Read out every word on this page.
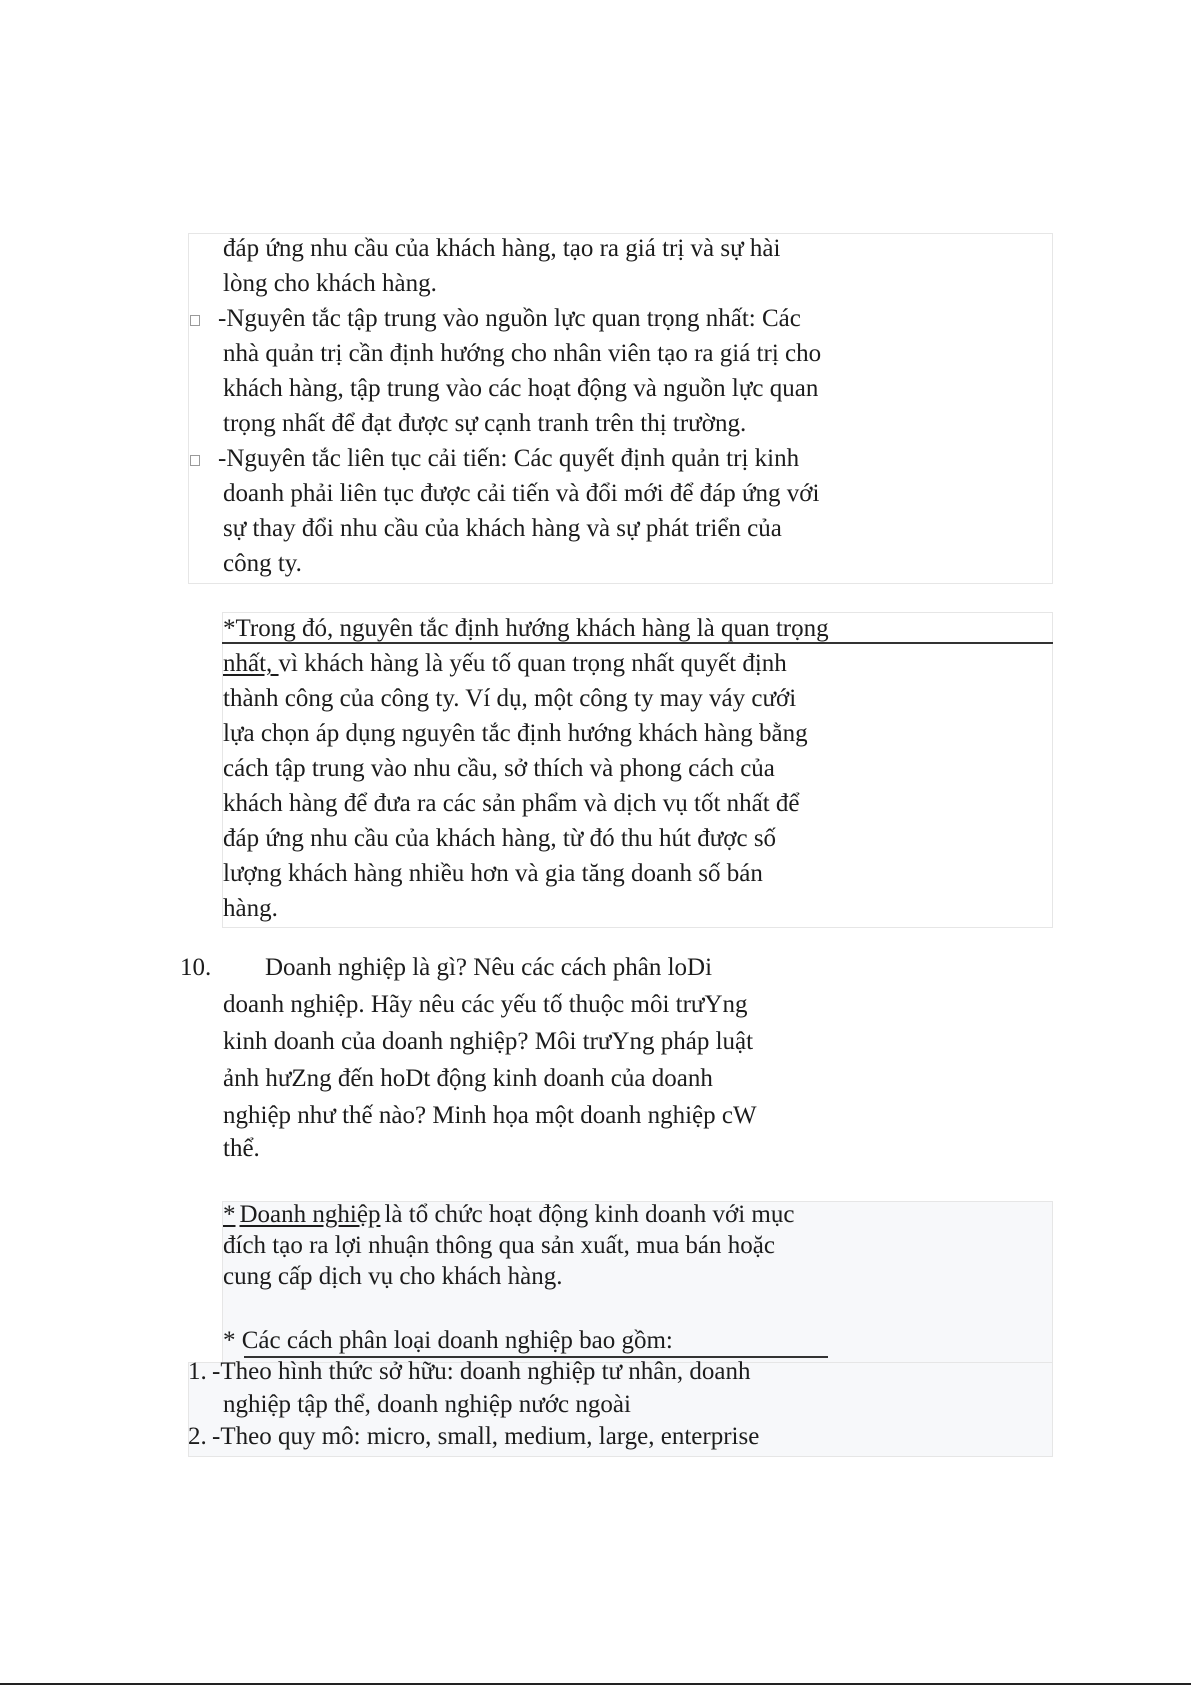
đáp ứng nhu cầu của khách hàng, tạo ra giá trị và sự hài
lòng cho khách hàng.
-Nguyên tắc tập trung vào nguồn lực quan trọng nhất: Các
nhà quản trị cần định hướng cho nhân viên tạo ra giá trị cho
khách hàng, tập trung vào các hoạt động và nguồn lực quan
trọng nhất để đạt được sự cạnh tranh trên thị trường.
-Nguyên tắc liên tục cải tiến: Các quyết định quản trị kinh
doanh phải liên tục được cải tiến và đổi mới để đáp ứng với
sự thay đổi nhu cầu của khách hàng và sự phát triển của
công ty.
*Trong đó, nguyên tắc định hướng khách hàng là quan trọng
nhất, vì khách hàng là yếu tố quan trọng nhất quyết định
thành công của công ty. Ví dụ, một công ty may váy cưới
lựa chọn áp dụng nguyên tắc định hướng khách hàng bằng
cách tập trung vào nhu cầu, sở thích và phong cách của
khách hàng để đưa ra các sản phẩm và dịch vụ tốt nhất để
đáp ứng nhu cầu của khách hàng, từ đó thu hút được số
lượng khách hàng nhiều hơn và gia tăng doanh số bán
hàng.
10. Doanh nghiệp là gì? Nêu các cách phân loDi
doanh nghiệp. Hãy nêu các yếu tố thuộc môi trưYng
kinh doanh của doanh nghiệp? Môi trưYng pháp luật
ảnh hưZng đến hoDt động kinh doanh của doanh
nghiệp như thế nào? Minh họa một doanh nghiệp cW
thể.
* Doanh nghiệp là tổ chức hoạt động kinh doanh với mục
đích tạo ra lợi nhuận thông qua sản xuất, mua bán hoặc
cung cấp dịch vụ cho khách hàng.
* Các cách phân loại doanh nghiệp bao gồm:
1. -Theo hình thức sở hữu: doanh nghiệp tư nhân, doanh
nghiệp tập thể, doanh nghiệp nước ngoài
2. -Theo quy mô: micro, small, medium, large, enterprise
